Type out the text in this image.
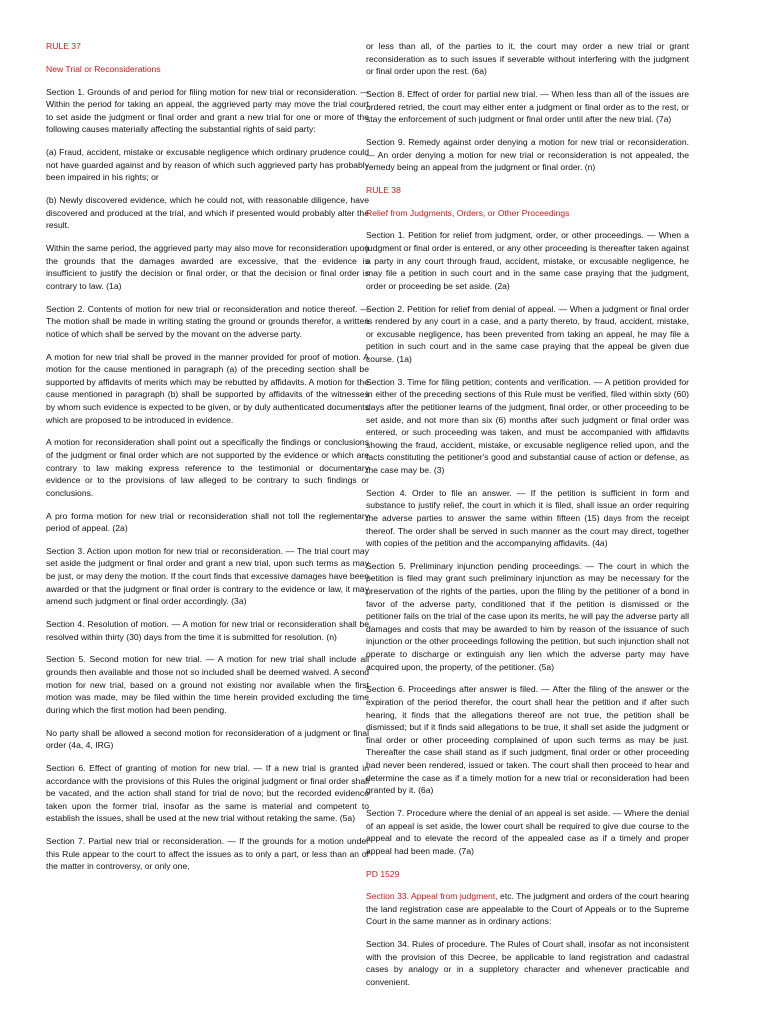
RULE 37

New Trial or Reconsiderations

Section 1. Grounds of and period for filing motion for new trial or reconsideration. — Within the period for taking an appeal, the aggrieved party may move the trial court to set aside the judgment or final order and grant a new trial for one or more of the following causes materially affecting the substantial rights of said party:

(a) Fraud, accident, mistake or excusable negligence which ordinary prudence could not have guarded against and by reason of which such aggrieved party has probably been impaired in his rights; or

(b) Newly discovered evidence, which he could not, with reasonable diligence, have discovered and produced at the trial, and which if presented would probably alter the result.

Within the same period, the aggrieved party may also move for reconsideration upon the grounds that the damages awarded are excessive, that the evidence is insufficient to justify the decision or final order, or that the decision or final order is contrary to law. (1a)

Section 2. Contents of motion for new trial or reconsideration and notice thereof. — The motion shall be made in writing stating the ground or grounds therefor, a written notice of which shall be served by the movant on the adverse party.

A motion for new trial shall be proved in the manner provided for proof of motion. A motion for the cause mentioned in paragraph (a) of the preceding section shall be supported by affidavits of merits which may be rebutted by affidavits. A motion for the cause mentioned in paragraph (b) shall be supported by affidavits of the witnesses by whom such evidence is expected to be given, or by duly authenticated documents which are proposed to be introduced in evidence.

A motion for reconsideration shall point out a specifically the findings or conclusions of the judgment or final order which are not supported by the evidence or which are contrary to law making express reference to the testimonial or documentary evidence or to the provisions of law alleged to be contrary to such findings or conclusions.

A pro forma motion for new trial or reconsideration shall not toll the reglementary period of appeal. (2a)

Section 3. Action upon motion for new trial or reconsideration. — The trial court may set aside the judgment or final order and grant a new trial, upon such terms as may be just, or may deny the motion. If the court finds that excessive damages have been awarded or that the judgment or final order is contrary to the evidence or law, it may amend such judgment or final order accordingly. (3a)

Section 4. Resolution of motion. — A motion for new trial or reconsideration shall be resolved within thirty (30) days from the time it is submitted for resolution. (n)

Section 5. Second motion for new trial. — A motion for new trial shall include all grounds then available and those not so included shall be deemed waived. A second motion for new trial, based on a ground not existing nor available when the first motion was made, may be filed within the time herein provided excluding the time during which the first motion had been pending.

No party shall be allowed a second motion for reconsideration of a judgment or final order (4a, 4, IRG)

Section 6. Effect of granting of motion for new trial. — If a new trial is granted in accordance with the provisions of this Rules the original judgment or final order shall be vacated, and the action shall stand for trial de novo; but the recorded evidence taken upon the former trial, insofar as the same is material and competent to establish the issues, shall be used at the new trial without retaking the same. (5a)

Section 7. Partial new trial or reconsideration. — If the grounds for a motion under this Rule appear to the court to affect the issues as to only a part, or less than an of the matter in controversy, or only one,

or less than all, of the parties to it, the court may order a new trial or grant reconsideration as to such issues if severable without interfering with the judgment or final order upon the rest. (6a)

Section 8. Effect of order for partial new trial. — When less than all of the issues are ordered retried, the court may either enter a judgment or final order as to the rest, or stay the enforcement of such judgment or final order until after the new trial. (7a)

Section 9. Remedy against order denying a motion for new trial or reconsideration. — An order denying a motion for new trial or reconsideration is not appealed, the remedy being an appeal from the judgment or final order. (n)

RULE 38

Relief from Judgments, Orders, or Other Proceedings

Section 1. Petition for relief from judgment, order, or other proceedings. — When a judgment or final order is entered, or any other proceeding is thereafter taken against a party in any court through fraud, accident, mistake, or excusable negligence, he may file a petition in such court and in the same case praying that the judgment, order or proceeding be set aside. (2a)

Section 2. Petition for relief from denial of appeal. — When a judgment or final order is rendered by any court in a case, and a party thereto, by fraud, accident, mistake, or excusable negligence, has been prevented from taking an appeal, he may file a petition in such court and in the same case praying that the appeal be given due course. (1a)

Section 3. Time for filing petition; contents and verification. — A petition provided for in either of the preceding sections of this Rule must be verified, filed within sixty (60) days after the petitioner learns of the judgment, final order, or other proceeding to be set aside, and not more than six (6) months after such judgment or final order was entered, or such proceeding was taken, and must be accompanied with affidavits showing the fraud, accident, mistake, or excusable negligence relied upon, and the facts constituting the petitioner's good and substantial cause of action or defense, as the case may be. (3)

Section 4. Order to file an answer. — If the petition is sufficient in form and substance to justify relief, the court in which it is filed, shall issue an order requiring the adverse parties to answer the same within fifteen (15) days from the receipt thereof. The order shall be served in such manner as the court may direct, together with copies of the petition and the accompanying affidavits. (4a)

Section 5. Preliminary injunction pending proceedings. — The court in which the petition is filed may grant such preliminary injunction as may be necessary for the preservation of the rights of the parties, upon the filing by the petitioner of a bond in favor of the adverse party, conditioned that if the petition is dismissed or the petitioner fails on the trial of the case upon its merits, he will pay the adverse party all damages and costs that may be awarded to him by reason of the issuance of such injunction or the other proceedings following the petition, but such injunction shall not operate to discharge or extinguish any lien which the adverse party may have acquired upon, the property, of the petitioner. (5a)

Section 6. Proceedings after answer is filed. — After the filing of the answer or the expiration of the period therefor, the court shall hear the petition and if after such hearing, it finds that the allegations thereof are not true, the petition shall be dismissed; but if it finds said allegations to be true, it shall set aside the judgment or final order or other proceeding complained of upon such terms as may be just. Thereafter the case shall stand as if such judgment, final order or other proceeding had never been rendered, issued or taken. The court shall then proceed to hear and determine the case as if a timely motion for a new trial or reconsideration had been granted by it. (6a)

Section 7. Procedure where the denial of an appeal is set aside. — Where the denial of an appeal is set aside, the lower court shall be required to give due course to the appeal and to elevate the record of the appealed case as if a timely and proper appeal had been made. (7a)

PD 1529

Section 33. Appeal from judgment, etc. The judgment and orders of the court hearing the land registration case are appealable to the Court of Appeals or to the Supreme Court in the same manner as in ordinary actions:

Section 34. Rules of procedure. The Rules of Court shall, insofar as not inconsistent with the provision of this Decree, be applicable to land registration and cadastral cases by analogy or in a suppletory character and whenever practicable and convenient.
